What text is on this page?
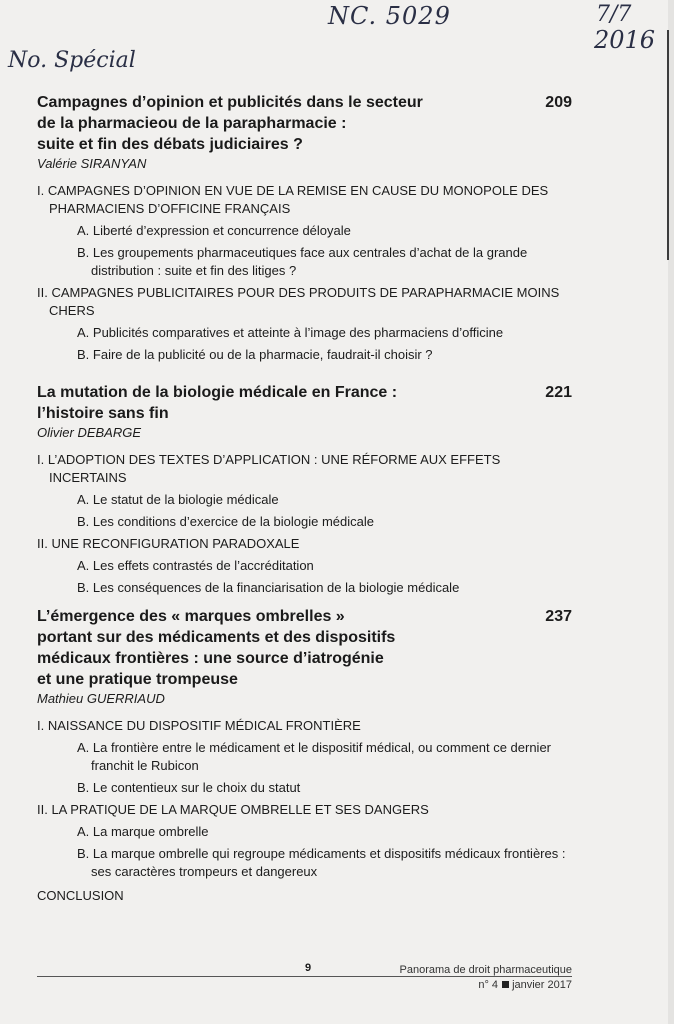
No. Spécial
NC. 5029	7/7
2016
Campagnes d’opinion et publicités dans le secteur
de la pharmacieou de la parapharmacie :
suite et fin des débats judiciaires ?
209
Valérie SIRANYAN
I. CAMPAGNES D’OPINION EN VUE DE LA REMISE EN CAUSE DU MONOPOLE DES PHARMACIENS D’OFFICINE FRANÇAIS
A. Liberté d’expression et concurrence déloyale
B. Les groupements pharmaceutiques face aux centrales d’achat de la grande distribution : suite et fin des litiges ?
II. CAMPAGNES PUBLICITAIRES POUR DES PRODUITS DE PARAPHARMACIE MOINS CHERS
A. Publicités comparatives et atteinte à l’image des pharmaciens d’officine
B. Faire de la publicité ou de la pharmacie, faudrait-il choisir ?
La mutation de la biologie médicale en France :
l’histoire sans fin
221
Olivier DEBARGE
I. L’ADOPTION DES TEXTES D’APPLICATION : UNE RÉFORME AUX EFFETS INCERTAINS
A. Le statut de la biologie médicale
B. Les conditions d’exercice de la biologie médicale
II. UNE RECONFIGURATION PARADOXALE
A. Les effets contrastés de l’accréditation
B. Les conséquences de la financiarisation de la biologie médicale
L’émergence des « marques ombrelles »
portant sur des médicaments et des dispositifs
médicaux frontières : une source d’iatrogénie
et une pratique trompeuse
237
Mathieu GUERRIAUD
I. NAISSANCE DU DISPOSITIF MÉDICAL FRONTIÈRE
A. La frontière entre le médicament et le dispositif médical, ou comment ce dernier franchit le Rubicon
B. Le contentieux sur le choix du statut
II. LA PRATIQUE DE LA MARQUE OMBRELLE ET SES DANGERS
A. La marque ombrelle
B. La marque ombrelle qui regroupe médicaments et dispositifs médicaux frontières : ses caractères trompeurs et dangereux
CONCLUSION
9	Panorama de droit pharmaceutique
n° 4 janvier 2017
